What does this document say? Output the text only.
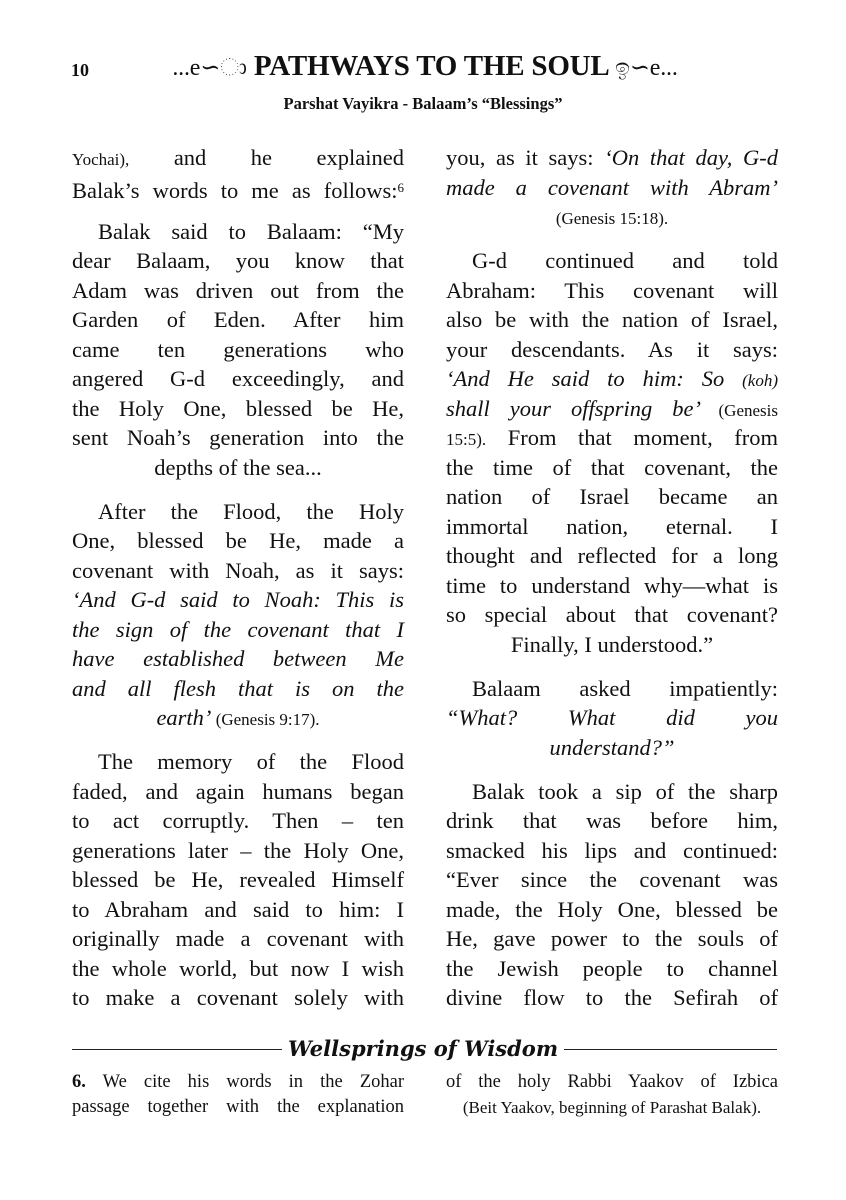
10	...e∽ා PATHWAYS TO THE SOUL ඉ∽e...
Parshat Vayikra - Balaam’s “Blessings”
Yochai), and he explained
Balak’s words to me as follows:$^6$
Balak said to Balaam: “My
dear Balaam, you know that
Adam was driven out from the
Garden of Eden. After him
came ten generations who
angered G-d exceedingly, and
the Holy One, blessed be He,
sent Noah’s generation into the
depths of the sea...
After the Flood, the Holy
One, blessed be He, made a
covenant with Noah, as it says:
‘And G-d said to Noah: This is
the sign of the covenant that I
have established between Me
and all flesh that is on the
earth’ (Genesis 9:17).
The memory of the Flood
faded, and again humans began
to act corruptly. Then – ten
generations later – the Holy One,
blessed be He, revealed Himself
to Abraham and said to him: I
originally made a covenant with
the whole world, but now I wish
to make a covenant solely with
you, as it says: ‘On that day, G-d
made a covenant with Abram’
(Genesis 15:18).
G-d continued and told
Abraham: This covenant will
also be with the nation of Israel,
your descendants. As it says:
‘And He said to him: So (koh)
shall your offspring be’ (Genesis
15:5). From that moment, from
the time of that covenant, the
nation of Israel became an
immortal nation, eternal. I
thought and reflected for a long
time to understand why—what is
so special about that covenant?
Finally, I understood.”
Balaam asked impatiently:
“What? What did you
understand?”
Balak took a sip of the sharp
drink that was before him,
smacked his lips and continued:
“Ever since the covenant was
made, the Holy One, blessed be
He, gave power to the souls of
the Jewish people to channel
divine flow to the Sefirah of
Wellsprings of Wisdom
6. We cite his words in the Zohar
passage together with the explanation
of the holy Rabbi Yaakov of Izbica
(Beit Yaakov, beginning of Parashat Balak).
